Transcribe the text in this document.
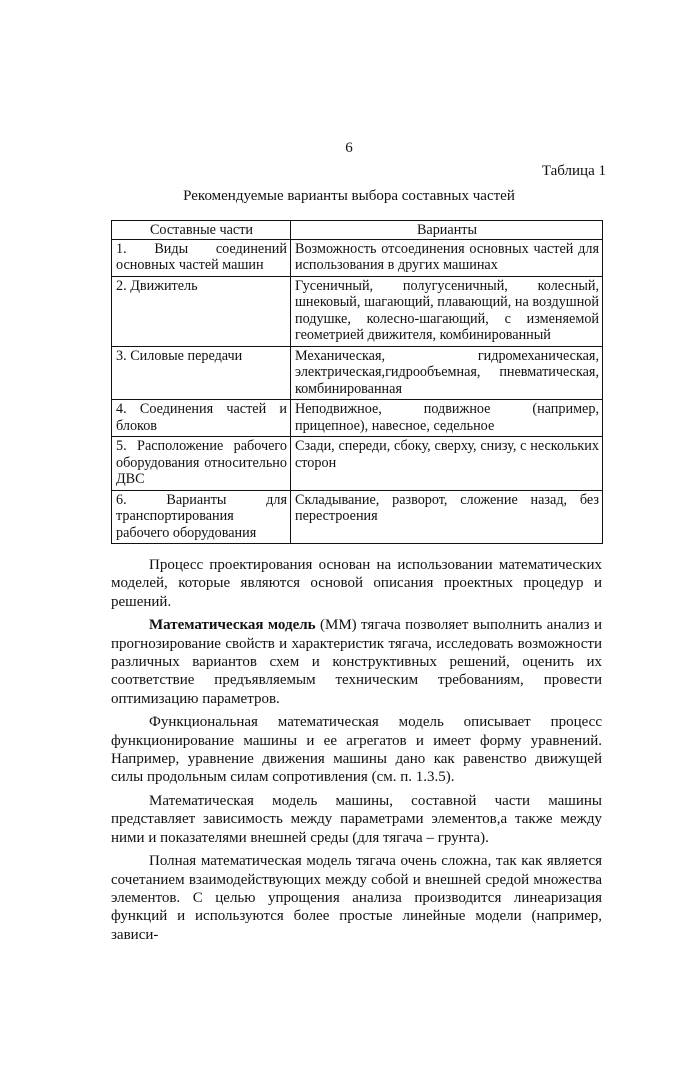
6
Таблица 1
Рекомендуемые варианты выбора составных частей
Составные части	Варианты
1. Виды соединений основных частей машин	Возможность отсоединения основных частей для использования в других машинах
2. Движитель	Гусеничный, полугусеничный, колесный, шнековый, шагающий, плавающий, на воздушной подушке, колесно-шагающий, с изменяемой геометрией движителя, комбинированный
3. Силовые передачи	Механическая, гидромеханическая, электрическая,гидрообъемная, пневматическая, комбинированная
4. Соединения частей и блоков	Неподвижное, подвижное (например, прицепное), навесное, седельное
5. Расположение рабочего оборудования относительно ДВС	Сзади, спереди, сбоку, сверху, снизу, с нескольких сторон
6. Варианты для транспортирования рабочего оборудования	Складывание, разворот, сложение назад, без перестроения

Процесс проектирования основан на использовании математических моделей, которые являются основой описания проектных процедур и решений.

Математическая модель (ММ) тягача позволяет выполнить анализ и прогнозирование свойств и характеристик тягача, исследовать возможности различных вариантов схем и конструктивных решений, оценить их соответствие предъявляемым техническим требованиям, провести оптимизацию параметров.

Функциональная математическая модель описывает процесс функционирование машины и ее агрегатов и имеет форму уравнений. Например, уравнение движения машины дано как равенство движущей силы продольным силам сопротивления (см. п. 1.3.5).

Математическая модель машины, составной части машины представляет зависимость между параметрами элементов,а также между ними и показателями внешней среды (для тягача – грунта).

Полная математическая модель тягача очень сложна, так как является сочетанием взаимодействующих между собой и внешней средой множества элементов. С целью упрощения анализа производится линеаризация функций и используются более простые линейные модели (например, зависи-
